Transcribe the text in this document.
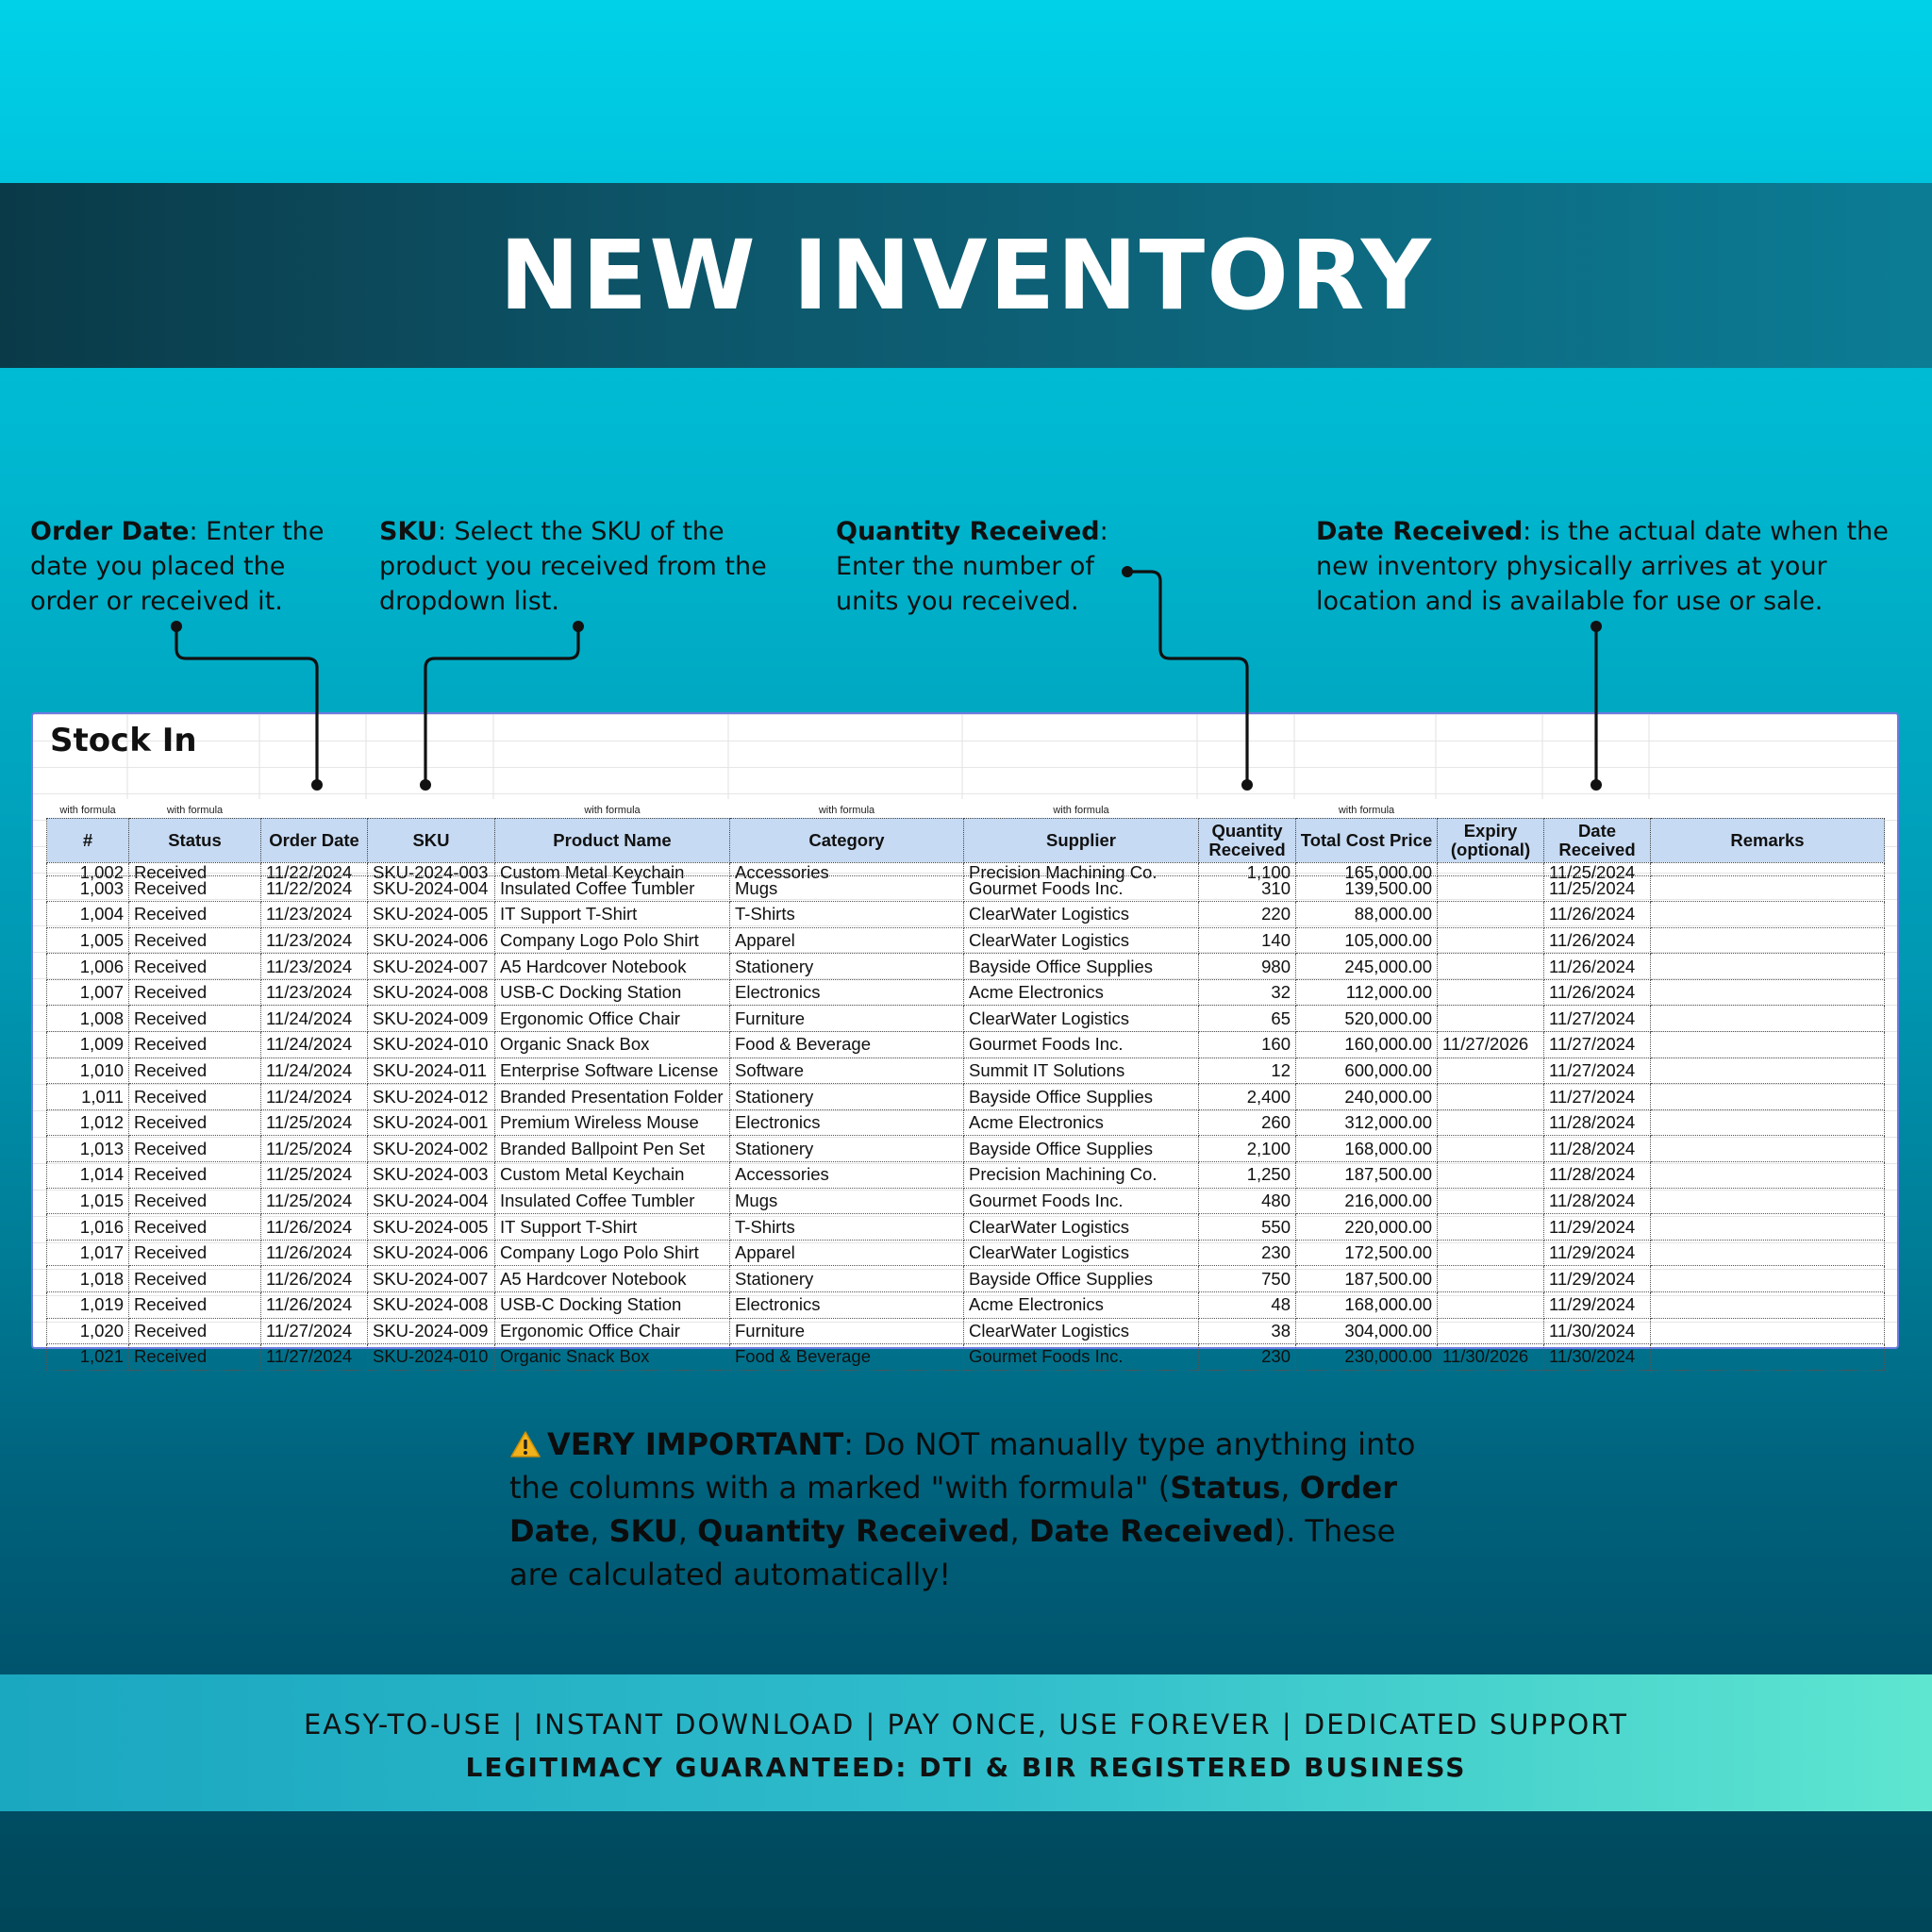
NEW INVENTORY
Order Date: Enter the date you placed the order or received it.
SKU: Select the SKU of the product you received from the dropdown list.
Quantity Received: Enter the number of units you received.
Date Received: is the actual date when the new inventory physically arrives at your location and is available for use or sale.
Stock In
with formula	with formula			with formula	with formula	with formula		with formula			
#	Status	Order Date	SKU	Product Name	Category	Supplier	Quantity Received	Total Cost Price	Expiry (optional)	Date Received	Remarks
1,002	Received	11/22/2024	SKU-2024-003	Custom Metal Keychain	Accessories	Precision Machining Co.	1,100	165,000.00		11/25/2024	
1,003	Received	11/22/2024	SKU-2024-004	Insulated Coffee Tumbler	Mugs	Gourmet Foods Inc.	310	139,500.00		11/25/2024	
1,004	Received	11/23/2024	SKU-2024-005	IT Support T-Shirt	T-Shirts	ClearWater Logistics	220	88,000.00		11/26/2024	
1,005	Received	11/23/2024	SKU-2024-006	Company Logo Polo Shirt	Apparel	ClearWater Logistics	140	105,000.00		11/26/2024	
1,006	Received	11/23/2024	SKU-2024-007	A5 Hardcover Notebook	Stationery	Bayside Office Supplies	980	245,000.00		11/26/2024	
1,007	Received	11/23/2024	SKU-2024-008	USB-C Docking Station	Electronics	Acme Electronics	32	112,000.00		11/26/2024	
1,008	Received	11/24/2024	SKU-2024-009	Ergonomic Office Chair	Furniture	ClearWater Logistics	65	520,000.00		11/27/2024	
1,009	Received	11/24/2024	SKU-2024-010	Organic Snack Box	Food & Beverage	Gourmet Foods Inc.	160	160,000.00	11/27/2026	11/27/2024	
1,010	Received	11/24/2024	SKU-2024-011	Enterprise Software License	Software	Summit IT Solutions	12	600,000.00		11/27/2024	
1,011	Received	11/24/2024	SKU-2024-012	Branded Presentation Folder	Stationery	Bayside Office Supplies	2,400	240,000.00		11/27/2024	
1,012	Received	11/25/2024	SKU-2024-001	Premium Wireless Mouse	Electronics	Acme Electronics	260	312,000.00		11/28/2024	
1,013	Received	11/25/2024	SKU-2024-002	Branded Ballpoint Pen Set	Stationery	Bayside Office Supplies	2,100	168,000.00		11/28/2024	
1,014	Received	11/25/2024	SKU-2024-003	Custom Metal Keychain	Accessories	Precision Machining Co.	1,250	187,500.00		11/28/2024	
1,015	Received	11/25/2024	SKU-2024-004	Insulated Coffee Tumbler	Mugs	Gourmet Foods Inc.	480	216,000.00		11/28/2024	
1,016	Received	11/26/2024	SKU-2024-005	IT Support T-Shirt	T-Shirts	ClearWater Logistics	550	220,000.00		11/29/2024	
1,017	Received	11/26/2024	SKU-2024-006	Company Logo Polo Shirt	Apparel	ClearWater Logistics	230	172,500.00		11/29/2024	
1,018	Received	11/26/2024	SKU-2024-007	A5 Hardcover Notebook	Stationery	Bayside Office Supplies	750	187,500.00		11/29/2024	
1,019	Received	11/26/2024	SKU-2024-008	USB-C Docking Station	Electronics	Acme Electronics	48	168,000.00		11/29/2024	
1,020	Received	11/27/2024	SKU-2024-009	Ergonomic Office Chair	Furniture	ClearWater Logistics	38	304,000.00		11/30/2024	
1,021	Received	11/27/2024	SKU-2024-010	Organic Snack Box	Food & Beverage	Gourmet Foods Inc.	230	230,000.00	11/30/2026	11/30/2024	
VERY IMPORTANT: Do NOT manually type anything into the columns with a marked "with formula" (Status, Order Date, SKU, Quantity Received, Date Received). These are calculated automatically!
EASY-TO-USE | INSTANT DOWNLOAD | PAY ONCE, USE FOREVER | DEDICATED SUPPORT
LEGITIMACY GUARANTEED: DTI & BIR REGISTERED BUSINESS
